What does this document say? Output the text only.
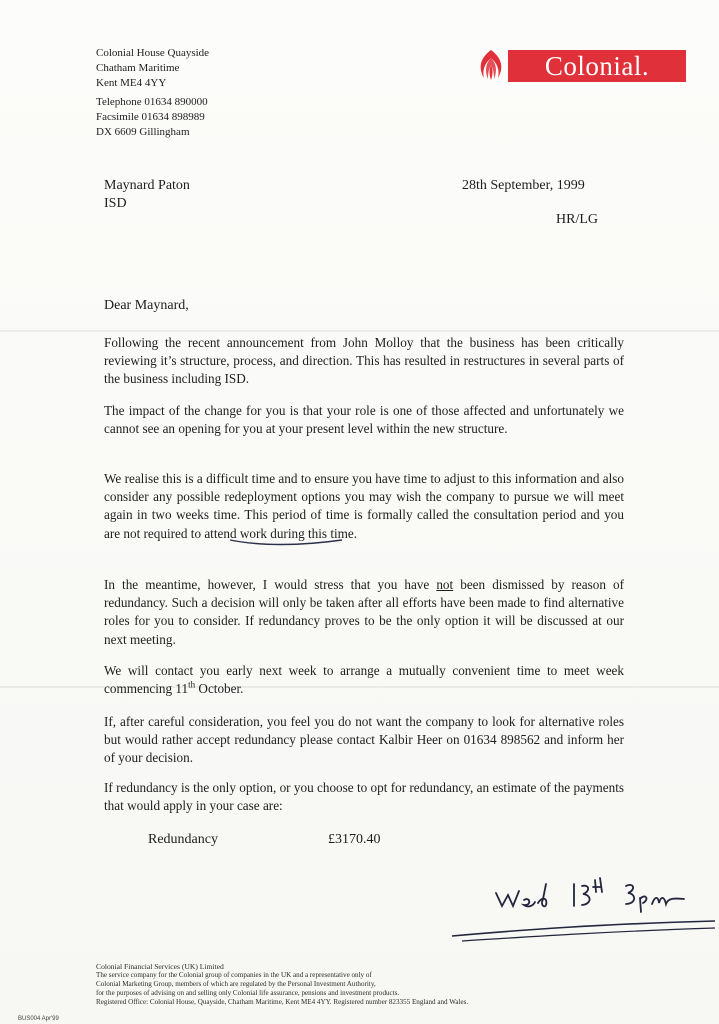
Colonial House Quayside
Chatham Maritime
Kent ME4 4YY
Telephone 01634 890000
Facsimile 01634 898989
DX 6609 Gillingham
Colonial.
Maynard Paton
ISD
28th September, 1999
HR/LG
Dear Maynard,
Following the recent announcement from John Molloy that the business has been critically reviewing it’s structure, process, and direction. This has resulted in restructures in several parts of the business including ISD.
The impact of the change for you is that your role is one of those affected and unfortunately we cannot see an opening for you at your present level within the new structure.
We realise this is a difficult time and to ensure you have time to adjust to this information and also consider any possible redeployment options you may wish the company to pursue we will meet again in two weeks time. This period of time is formally called the consultation period and you are not required to attend work during this time.
In the meantime, however, I would stress that you have not been dismissed by reason of redundancy. Such a decision will only be taken after all efforts have been made to find alternative roles for you to consider. If redundancy proves to be the only option it will be discussed at our next meeting.
We will contact you early next week to arrange a mutually convenient time to meet week commencing 11th October.
If, after careful consideration, you feel you do not want the company to look for alternative roles but would rather accept redundancy please contact Kalbir Heer on 01634 898562 and inform her of your decision.
If redundancy is the only option, or you choose to opt for redundancy, an estimate of the payments that would apply in your case are:
Redundancy	£3170.40
Colonial Financial Services (UK) Limited
The service company for the Colonial group of companies in the UK and a representative only of
Colonial Marketing Group, members of which are regulated by the Personal Investment Authority,
for the purposes of advising on and selling only Colonial life assurance, pensions and investment products.
Registered Office: Colonial House, Quayside, Chatham Maritime, Kent ME4 4YY. Registered number 823355 England and Wales.
BUS004 Apr'99
